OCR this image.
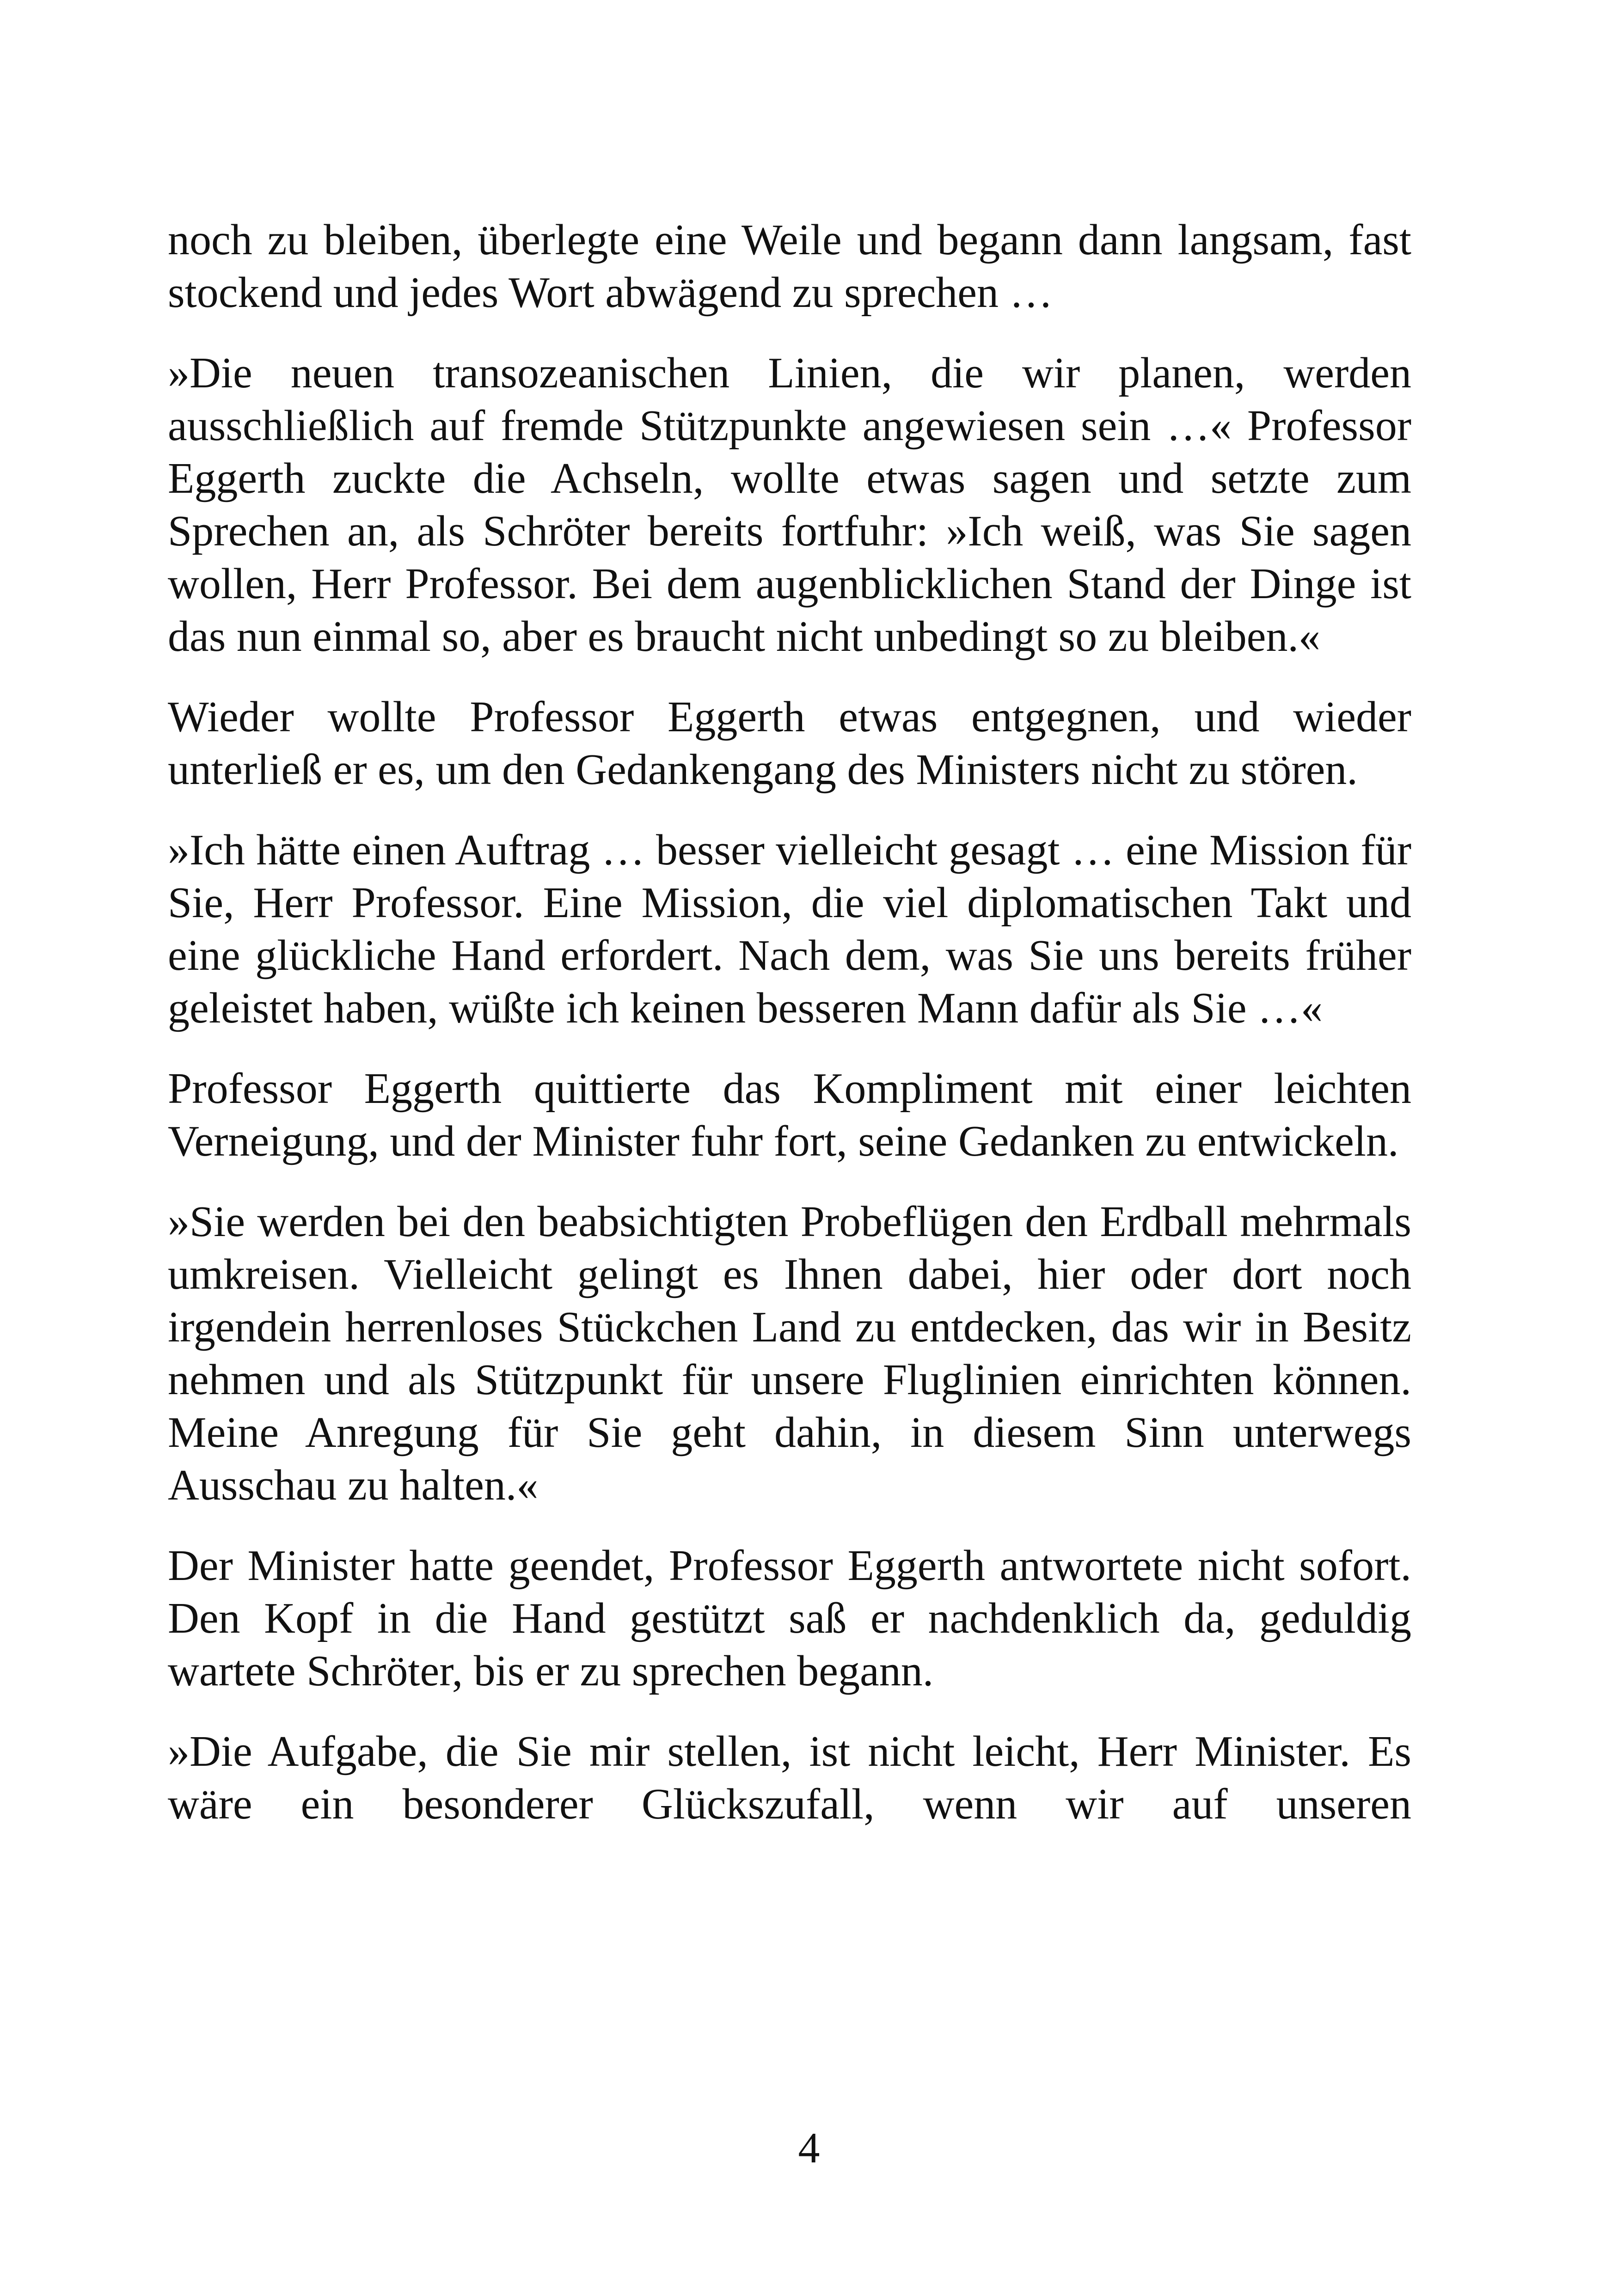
noch zu bleiben, überlegte eine Weile und begann dann langsam, fast stockend und jedes Wort abwägend zu sprechen …

»Die neuen transozeanischen Linien, die wir planen, werden ausschließlich auf fremde Stützpunkte angewiesen sein …« Professor Eggerth zuckte die Achseln, wollte etwas sagen und setzte zum Sprechen an, als Schröter bereits fortfuhr: »Ich weiß, was Sie sagen wollen, Herr Professor. Bei dem augenblicklichen Stand der Dinge ist das nun einmal so, aber es braucht nicht unbedingt so zu bleiben.«

Wieder wollte Professor Eggerth etwas entgegnen, und wieder unterließ er es, um den Gedankengang des Ministers nicht zu stören.

»Ich hätte einen Auftrag … besser vielleicht gesagt … eine Mission für Sie, Herr Professor. Eine Mission, die viel diplomatischen Takt und eine glückliche Hand erfordert. Nach dem, was Sie uns bereits früher geleistet haben, wüßte ich keinen besseren Mann dafür als Sie …«

Professor Eggerth quittierte das Kompliment mit einer leichten Verneigung, und der Minister fuhr fort, seine Gedanken zu entwickeln.

»Sie werden bei den beabsichtigten Probeflügen den Erdball mehrmals umkreisen. Vielleicht gelingt es Ihnen dabei, hier oder dort noch irgendein herrenloses Stückchen Land zu entdecken, das wir in Besitz nehmen und als Stützpunkt für unsere Fluglinien einrichten können. Meine Anregung für Sie geht dahin, in diesem Sinn unterwegs Ausschau zu halten.«

Der Minister hatte geendet, Professor Eggerth antwortete nicht sofort. Den Kopf in die Hand gestützt saß er nachdenklich da, geduldig wartete Schröter, bis er zu sprechen begann.

»Die Aufgabe, die Sie mir stellen, ist nicht leicht, Herr Minister. Es wäre ein besonderer Glückszufall, wenn wir auf unseren

4
